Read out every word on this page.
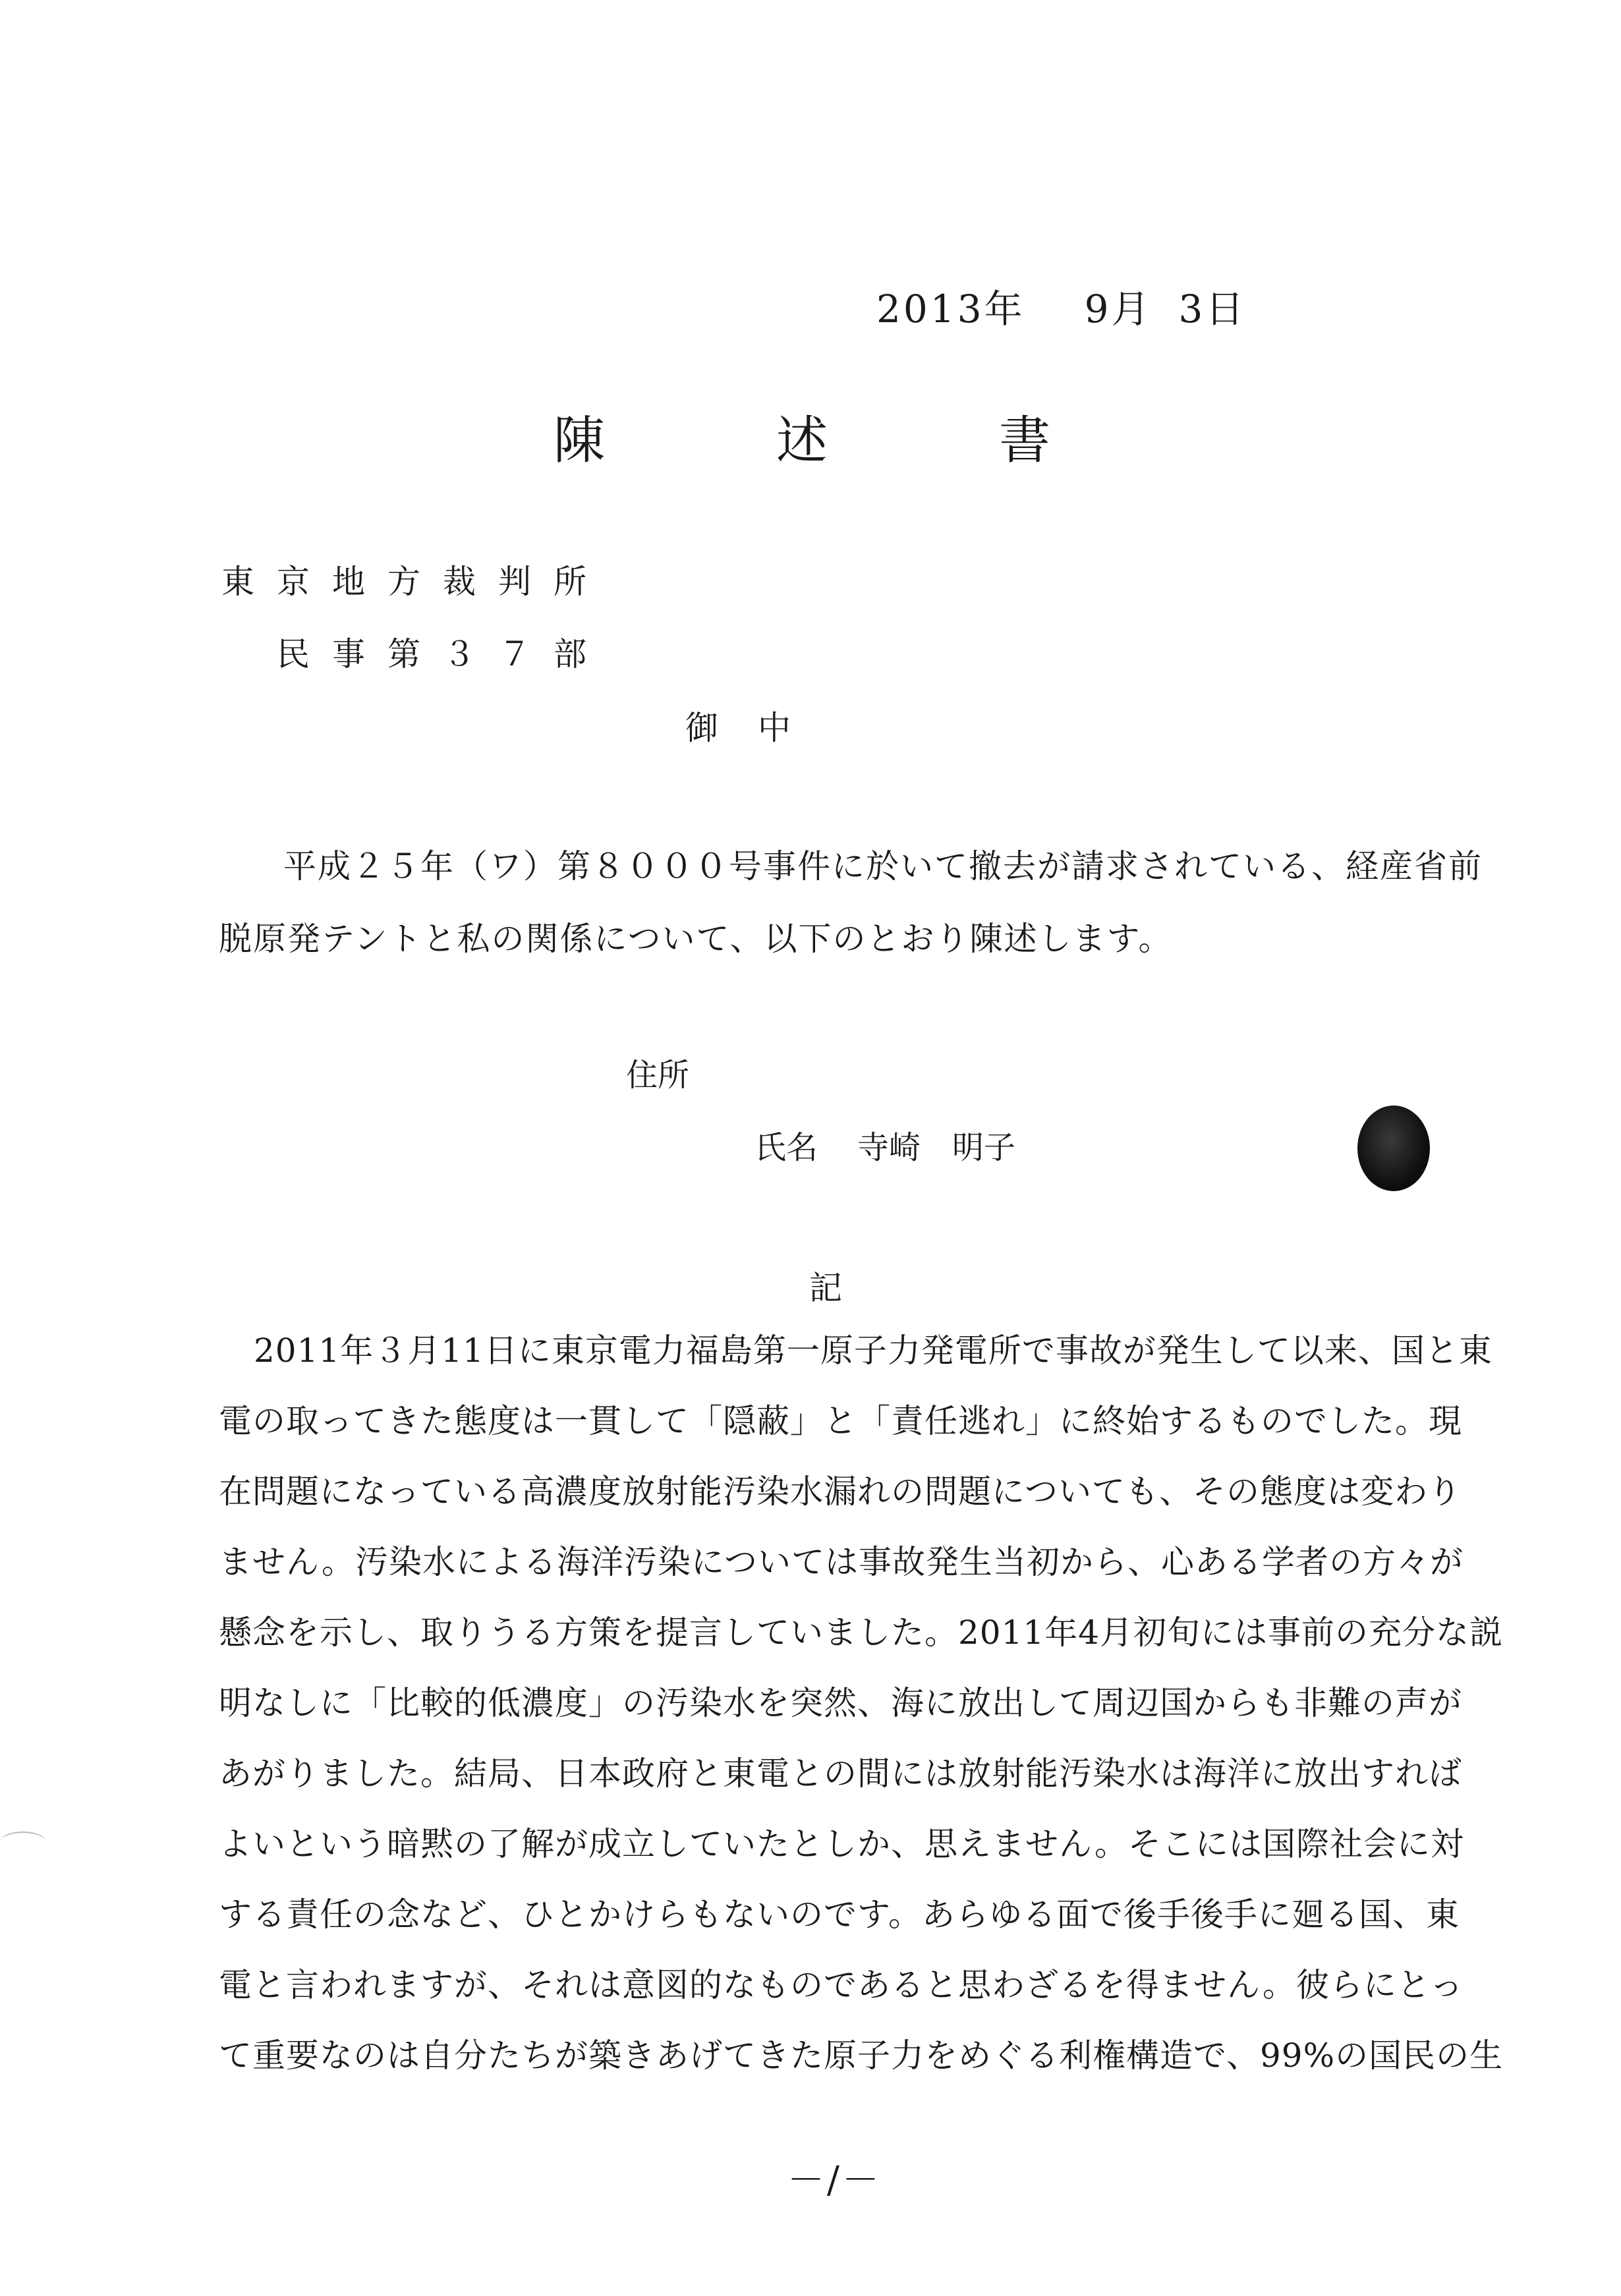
2013年 9月 3日
陳	述	書
東京地方裁判所
民事第３７部
御中
平成２５年（ワ）第８０００号事件に於いて撤去が請求されている、経産省前
脱原発テントと私の関係について、以下のとおり陳述します。
住所
氏名 寺崎　明子
記
2011年３月11日に東京電力福島第一原子力発電所で事故が発生して以来、国と東
電の取ってきた態度は一貫して「隠蔽」と「責任逃れ」に終始するものでした。現
在問題になっている高濃度放射能汚染水漏れの問題についても、その態度は変わり
ません。汚染水による海洋汚染については事故発生当初から、心ある学者の方々が
懸念を示し、取りうる方策を提言していました。2011年4月初旬には事前の充分な説
明なしに「比較的低濃度」の汚染水を突然、海に放出して周辺国からも非難の声が
あがりました。結局、日本政府と東電との間には放射能汚染水は海洋に放出すれば
よいという暗黙の了解が成立していたとしか、思えません。そこには国際社会に対
する責任の念など、ひとかけらもないのです。あらゆる面で後手後手に廻る国、東
電と言われますが、それは意図的なものであると思わざるを得ません。彼らにとっ
て重要なのは自分たちが築きあげてきた原子力をめぐる利権構造で、99%の国民の生
－/－
